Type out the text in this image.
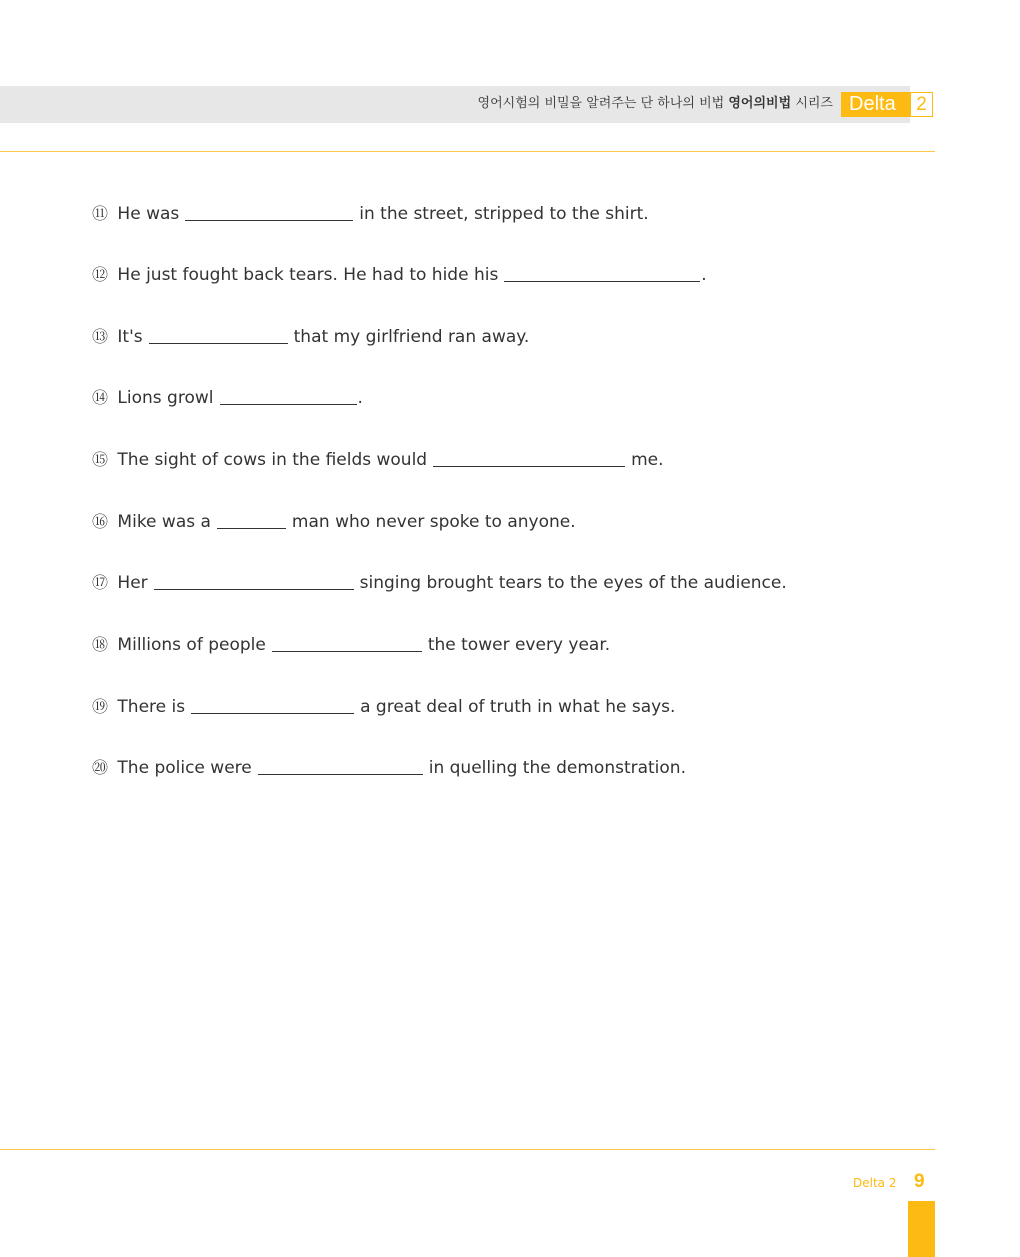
영어시험의 비밀을 알려주는 단 하나의 비법 영어의비법 시리즈 Delta	2
⑪ He was	in the street, stripped to the shirt.
⑫ He just fought back tears. He had to hide his	.
⑬ It's	that my girlfriend ran away.
⑭ Lions growl	.
⑮ The sight of cows in the fields would	me.
⑯ Mike was a	man who never spoke to anyone.
⑰ Her	singing brought tears to the eyes of the audience.
⑱ Millions of people	the tower every year.
⑲ There is	a great deal of truth in what he says.
⑳ The police were	in quelling the demonstration.
Delta 2 9
